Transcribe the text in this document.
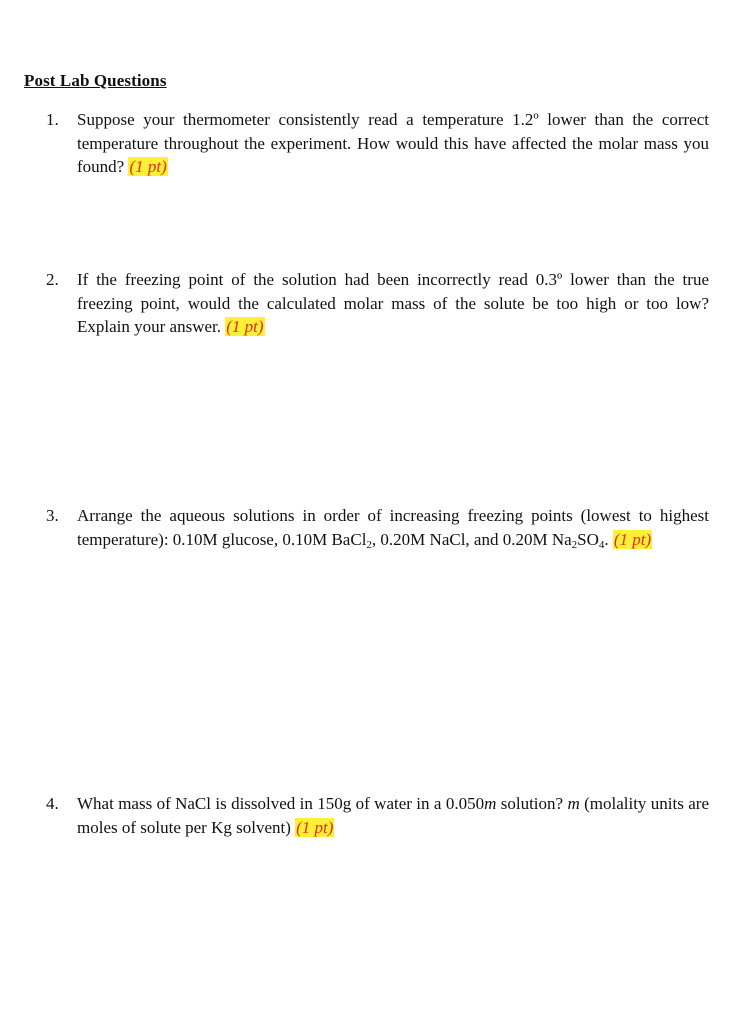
Post Lab Questions
1.	Suppose your thermometer consistently read a temperature 1.2º lower than the correct temperature throughout the experiment. How would this have affected the molar mass you found? (1 pt)
2.	If the freezing point of the solution had been incorrectly read 0.3º lower than the true freezing point, would the calculated molar mass of the solute be too high or too low? Explain your answer. (1 pt)
3.	Arrange the aqueous solutions in order of increasing freezing points (lowest to highest temperature): 0.10M glucose, 0.10M BaCl$_2$, 0.20M NaCl, and 0.20M $Na_2SO_4$. (1 pt)
4.	What mass of NaCl is dissolved in 150g of water in a 0.050m solution? m (molality units are moles of solute per Kg solvent) (1 pt)
